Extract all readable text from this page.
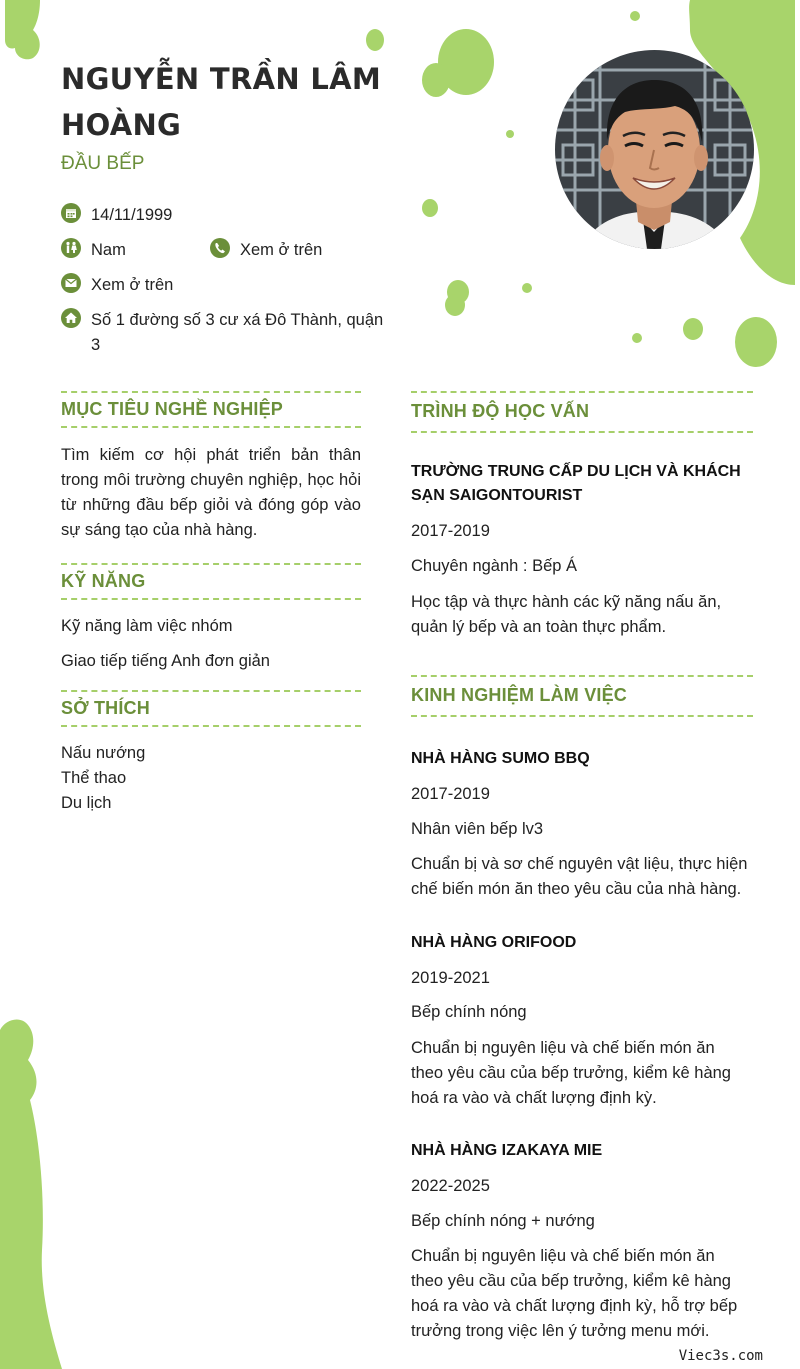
NGUYỄN TRẦN LÂM HOÀNG
ĐẦU BẾP
14/11/1999
Nam	Xem ở trên
Xem ở trên
Số 1 đường số 3 cư xá Đô Thành, quận 3
MỤC TIÊU NGHỀ NGHIỆP
Tìm kiếm cơ hội phát triển bản thân trong môi trường chuyên nghiệp, học hỏi từ những đầu bếp giỏi và đóng góp vào sự sáng tạo của nhà hàng.
KỸ NĂNG
Kỹ năng làm việc nhóm
Giao tiếp tiếng Anh đơn giản
SỞ THÍCH
Nấu nướng
Thể thao
Du lịch
TRÌNH ĐỘ HỌC VẤN
TRƯỜNG TRUNG CẤP DU LỊCH VÀ KHÁCH SẠN SAIGONTOURIST
2017-2019
Chuyên ngành : Bếp Á
Học tập và thực hành các kỹ năng nấu ăn, quản lý bếp và an toàn thực phẩm.
KINH NGHIỆM LÀM VIỆC
NHÀ HÀNG SUMO BBQ
2017-2019
Nhân viên bếp lv3
Chuẩn bị và sơ chế nguyên vật liệu, thực hiện chế biến món ăn theo yêu cầu của nhà hàng.
NHÀ HÀNG ORIFOOD
2019-2021
Bếp chính nóng
Chuẩn bị nguyên liệu và chế biến món ăn theo yêu cầu của bếp trưởng, kiểm kê hàng hoá ra vào và chất lượng định kỳ.
NHÀ HÀNG IZAKAYA MIE
2022-2025
Bếp chính nóng + nướng
Chuẩn bị nguyên liệu và chế biến món ăn theo yêu cầu của bếp trưởng, kiểm kê hàng hoá ra vào và chất lượng định kỳ, hỗ trợ bếp trưởng trong việc lên ý tưởng menu mới.
Viec3s.com
